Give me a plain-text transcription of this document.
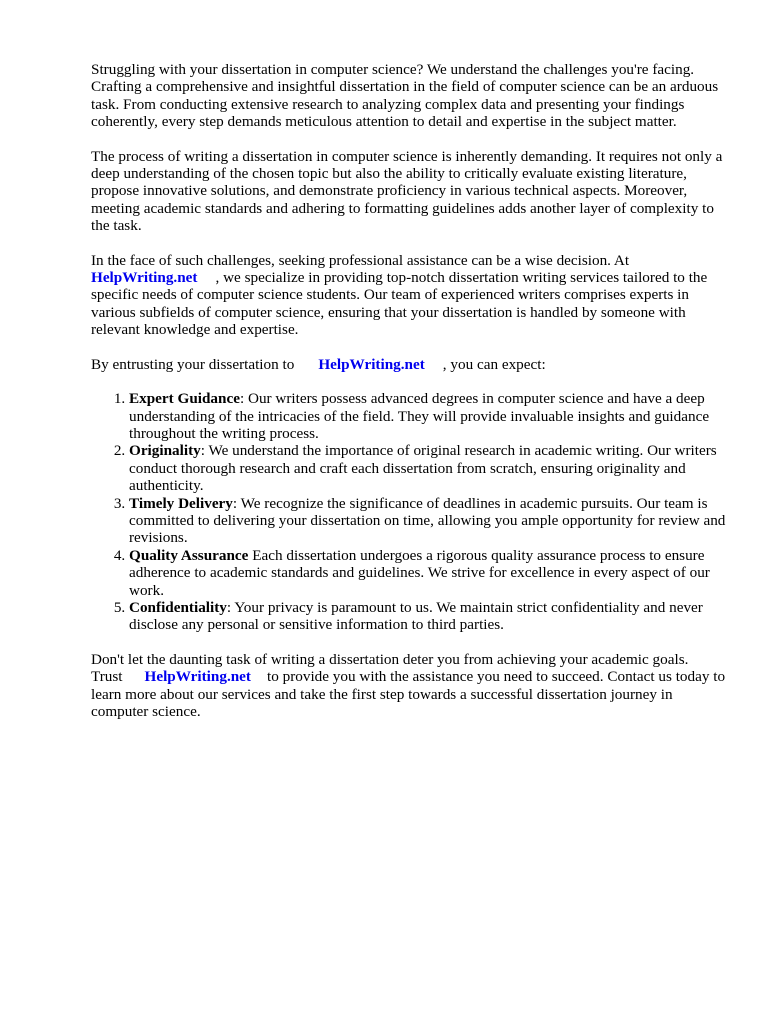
Struggling with your dissertation in computer science? We understand the challenges you're facing. Crafting a comprehensive and insightful dissertation in the field of computer science can be an arduous task. From conducting extensive research to analyzing complex data and presenting your findings coherently, every step demands meticulous attention to detail and expertise in the subject matter.

The process of writing a dissertation in computer science is inherently demanding. It requires not only a deep understanding of the chosen topic but also the ability to critically evaluate existing literature, propose innovative solutions, and demonstrate proficiency in various technical aspects. Moreover, meeting academic standards and adhering to formatting guidelines adds another layer of complexity to the task.

In the face of such challenges, seeking professional assistance can be a wise decision. At
HelpWriting.net , we specialize in providing top-notch dissertation writing services tailored to the specific needs of computer science students. Our team of experienced writers comprises experts in various subfields of computer science, ensuring that your dissertation is handled by someone with relevant knowledge and expertise.

By entrusting your dissertation to HelpWriting.net , you can expect:

1. Expert Guidance: Our writers possess advanced degrees in computer science and have a deep understanding of the intricacies of the field. They will provide invaluable insights and guidance throughout the writing process.
2. Originality: We understand the importance of original research in academic writing. Our writers conduct thorough research and craft each dissertation from scratch, ensuring originality and authenticity.
3. Timely Delivery: We recognize the significance of deadlines in academic pursuits. Our team is committed to delivering your dissertation on time, allowing you ample opportunity for review and revisions.
4. Quality Assurance Each dissertation undergoes a rigorous quality assurance process to ensure adherence to academic standards and guidelines. We strive for excellence in every aspect of our work.
5. Confidentiality: Your privacy is paramount to us. We maintain strict confidentiality and never disclose any personal or sensitive information to third parties.

Don't let the daunting task of writing a dissertation deter you from achieving your academic goals. Trust HelpWriting.net to provide you with the assistance you need to succeed. Contact us today to learn more about our services and take the first step towards a successful dissertation journey in computer science.
